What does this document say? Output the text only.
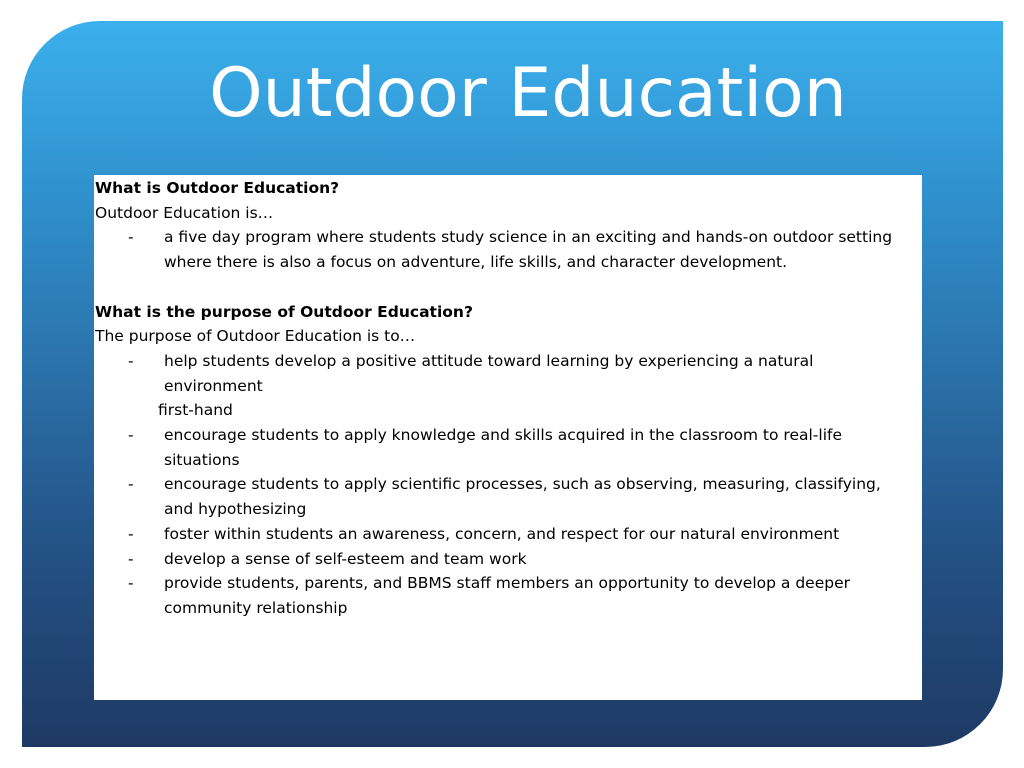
Outdoor Education
What is Outdoor Education?
Outdoor Education is…
- a five day program where students study science in an exciting and hands-on outdoor setting where there is also a focus on adventure, life skills, and character development.
What is the purpose of Outdoor Education?
The purpose of Outdoor Education is to…
- help students develop a positive attitude toward learning by experiencing a natural environment
first-hand
- encourage students to apply knowledge and skills acquired in the classroom to real-life situations
- encourage students to apply scientific processes, such as observing, measuring, classifying, and hypothesizing
- foster within students an awareness, concern, and respect for our natural environment
- develop a sense of self-esteem and team work
- provide students, parents, and BBMS staff members an opportunity to develop a deeper community relationship
